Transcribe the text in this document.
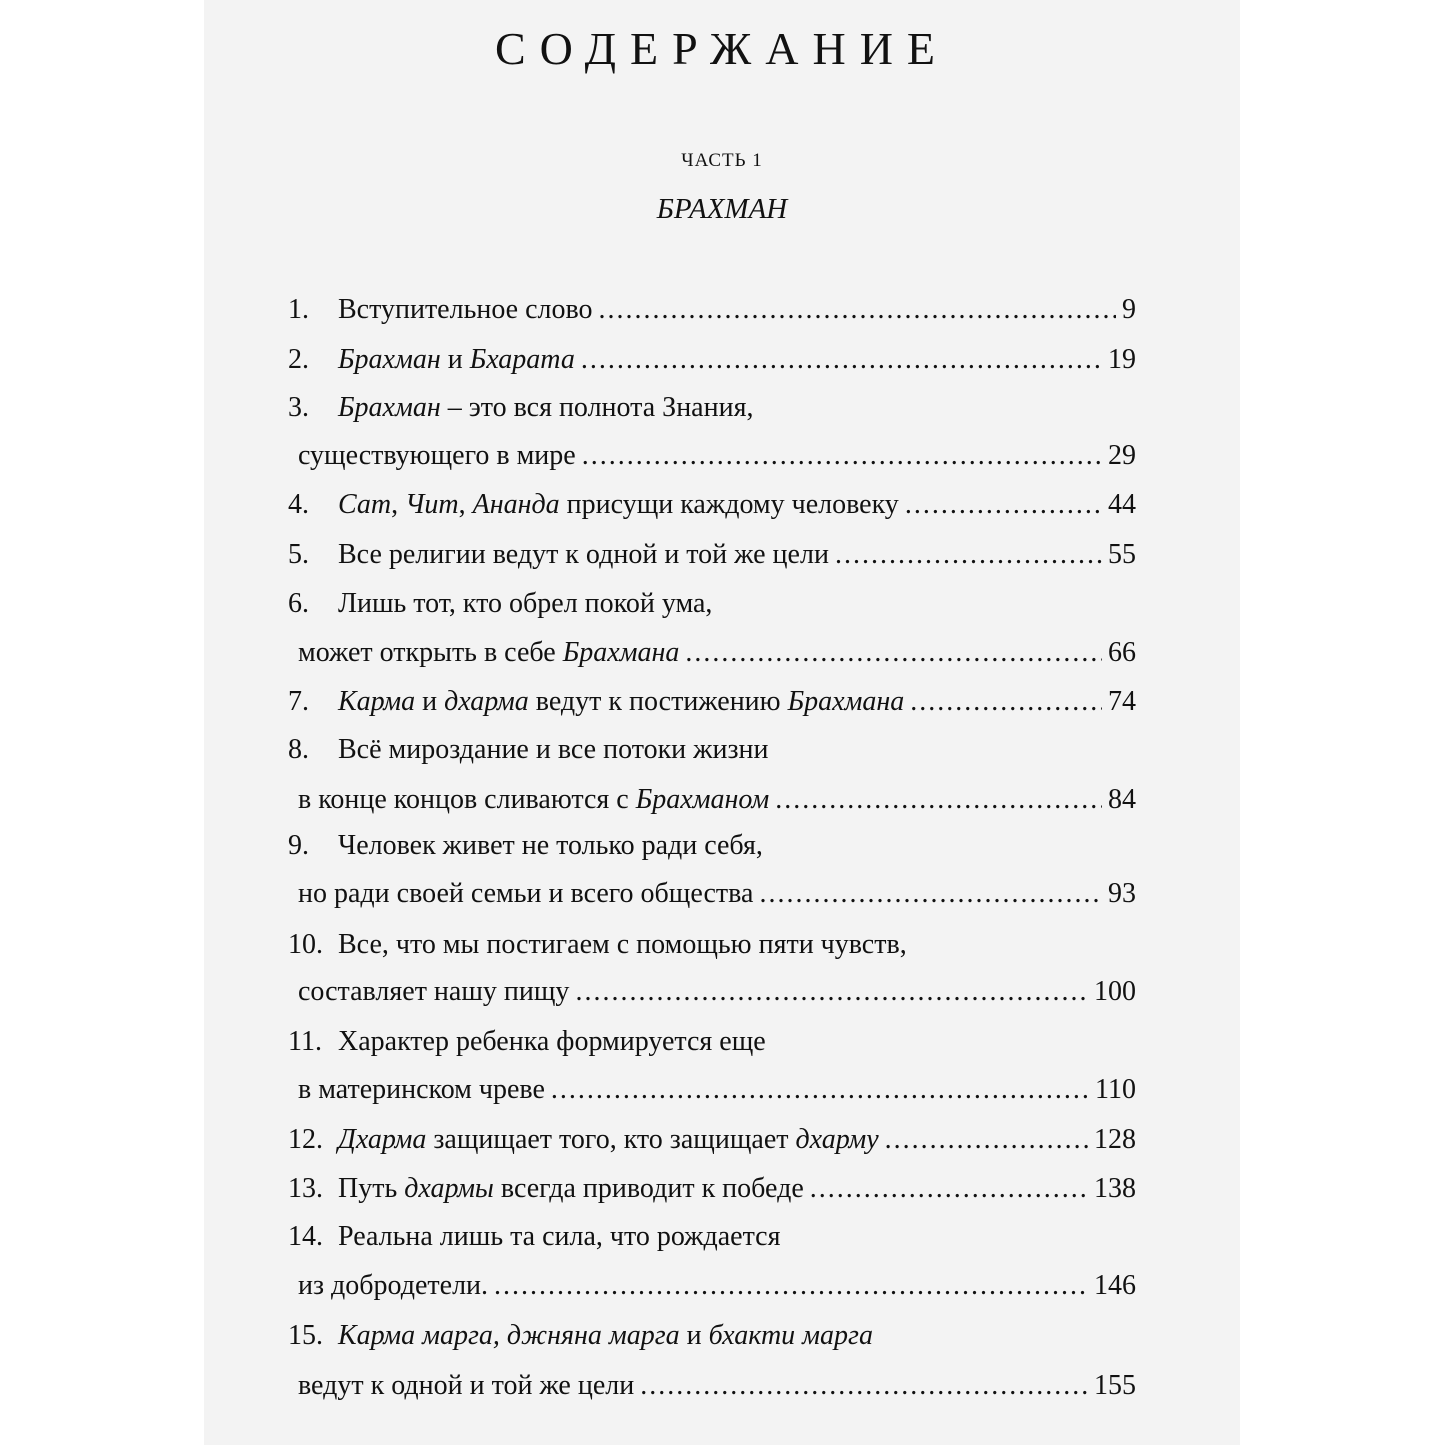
СОДЕРЖАНИЕ
ЧАСТЬ 1
БРАХМАН
1.	Вступительное слово .....	9
2.	Брахман и Бхарата .....	19
3.	Брахман – это вся полнота Знания,
существующего в мире .....	29
4.	Сат, Чит, Ананда присущи каждому человеку .....	44
5.	Все религии ведут к одной и той же цели .....	55
6.	Лишь тот, кто обрел покой ума,
может открыть в себе Брахмана .....	66
7.	Карма и дхарма ведут к постижению Брахмана .....	74
8.	Всё мироздание и все потоки жизни
в конце концов сливаются с Брахманом .....	84
9.	Человек живет не только ради себя,
но ради своей семьи и всего общества .....	93
10. Все, что мы постигаем с помощью пяти чувств,
составляет нашу пищу .....	100
11. Характер ребенка формируется еще
в материнском чреве .....	110
12. Дхарма защищает того, кто защищает дхарму .....	128
13. Путь дхармы всегда приводит к победе .....	138
14. Реальна лишь та сила, что рождается
из добродетели. .....	146
15. Карма марга, джняна марга и бхакти марга
ведут к одной и той же цели .....	155
